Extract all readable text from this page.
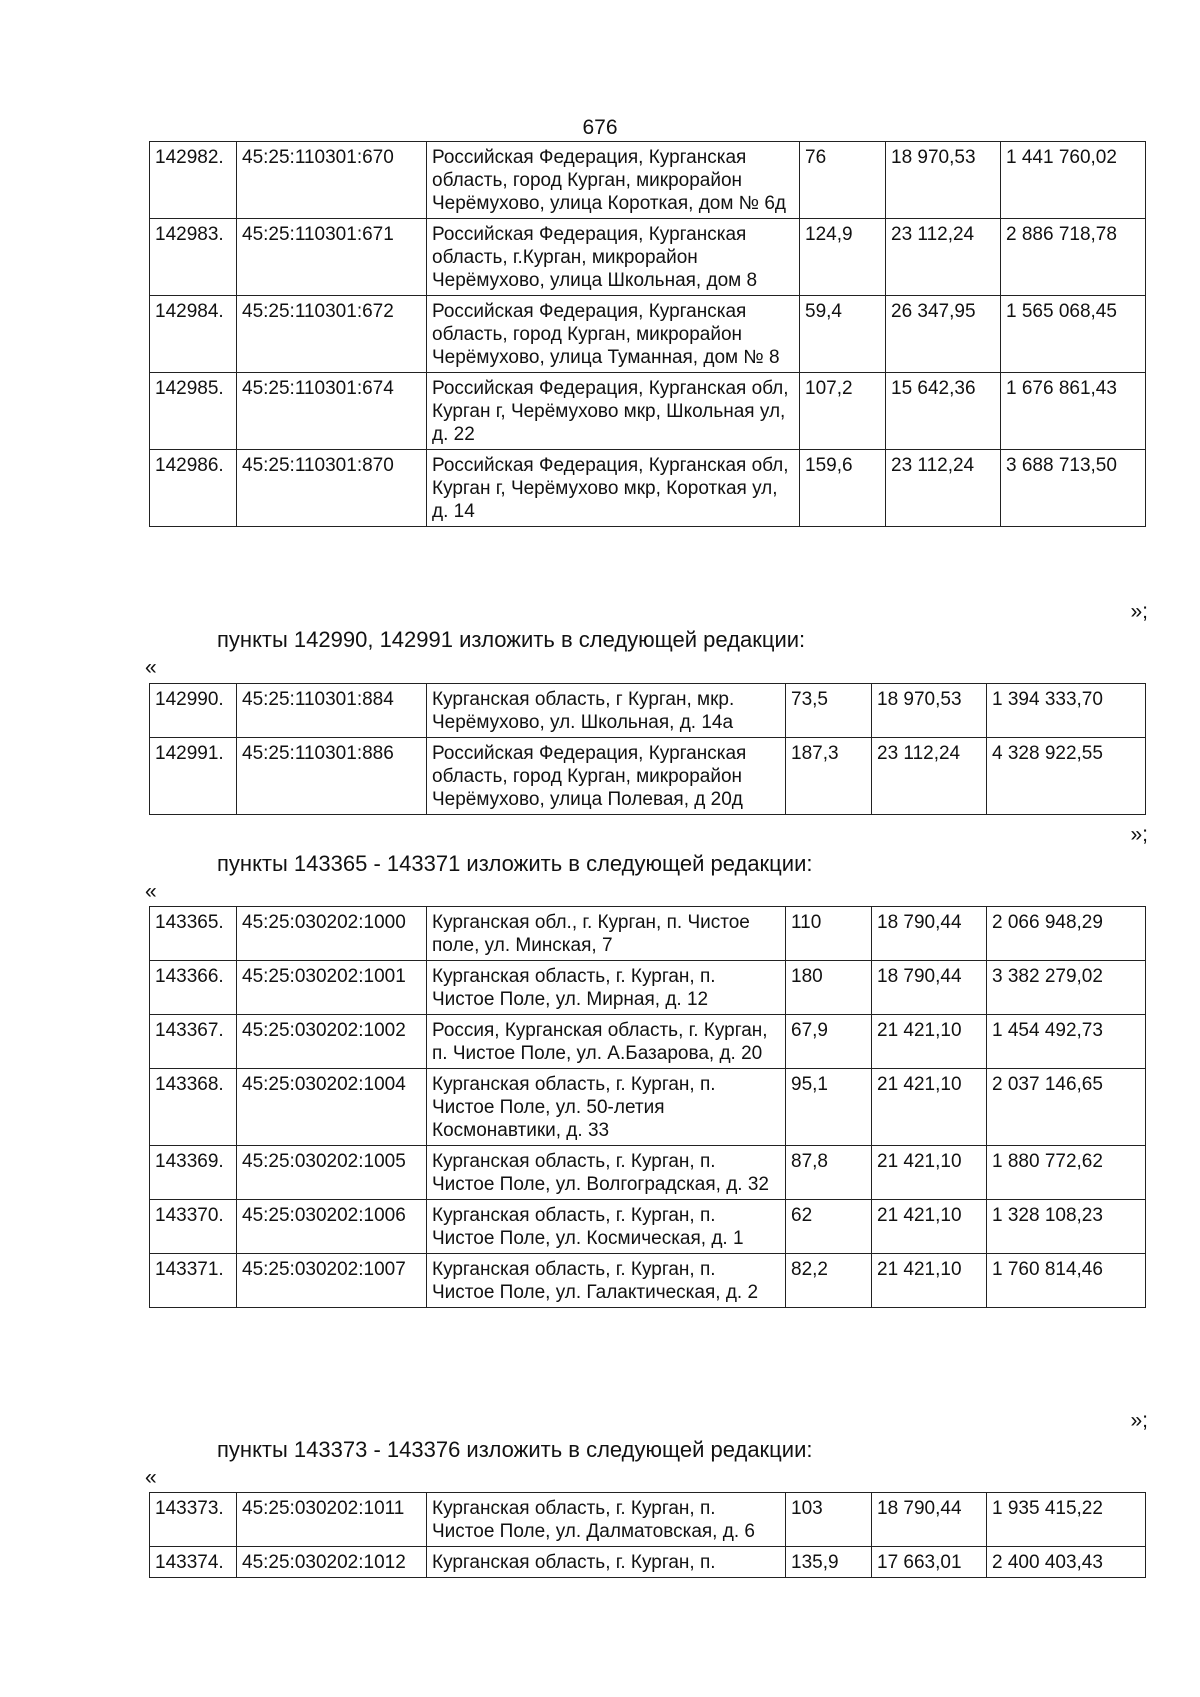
676
142982.	45:25:110301:670	Российская Федерация, Курганская область, город Курган, микрорайон Черёмухово, улица Короткая, дом № 6д	76	18 970,53	1 441 760,02
142983.	45:25:110301:671	Российская Федерация, Курганская область, г.Курган, микрорайон Черёмухово, улица Школьная, дом 8	124,9	23 112,24	2 886 718,78
142984.	45:25:110301:672	Российская Федерация, Курганская область, город Курган, микрорайон Черёмухово, улица Туманная, дом № 8	59,4	26 347,95	1 565 068,45
142985.	45:25:110301:674	Российская Федерация, Курганская обл, Курган г, Черёмухово мкр, Школьная ул, д. 22	107,2	15 642,36	1 676 861,43
142986.	45:25:110301:870	Российская Федерация, Курганская обл, Курган г, Черёмухово мкр, Короткая ул, д. 14	159,6	23 112,24	3 688 713,50
»;
пункты 142990, 142991 изложить в следующей редакции:
«
142990.	45:25:110301:884	Курганская область, г Курган, мкр. Черёмухово, ул. Школьная, д. 14а	73,5	18 970,53	1 394 333,70
142991.	45:25:110301:886	Российская Федерация, Курганская область, город Курган, микрорайон Черёмухово, улица Полевая, д 20д	187,3	23 112,24	4 328 922,55
»;
пункты 143365 - 143371 изложить в следующей редакции:
«
143365.	45:25:030202:1000	Курганская обл., г. Курган, п. Чистое поле, ул. Минская, 7	110	18 790,44	2 066 948,29
143366.	45:25:030202:1001	Курганская область, г. Курган, п. Чистое Поле, ул. Мирная, д. 12	180	18 790,44	3 382 279,02
143367.	45:25:030202:1002	Россия, Курганская область, г. Курган, п. Чистое Поле, ул. А.Базарова, д. 20	67,9	21 421,10	1 454 492,73
143368.	45:25:030202:1004	Курганская область, г. Курган, п. Чистое Поле, ул. 50-летия Космонавтики, д. 33	95,1	21 421,10	2 037 146,65
143369.	45:25:030202:1005	Курганская область, г. Курган, п. Чистое Поле, ул. Волгоградская, д. 32	87,8	21 421,10	1 880 772,62
143370.	45:25:030202:1006	Курганская область, г. Курган, п. Чистое Поле, ул. Космическая, д. 1	62	21 421,10	1 328 108,23
143371.	45:25:030202:1007	Курганская область, г. Курган, п. Чистое Поле, ул. Галактическая, д. 2	82,2	21 421,10	1 760 814,46
»;
пункты 143373 - 143376 изложить в следующей редакции:
«
143373.	45:25:030202:1011	Курганская область, г. Курган, п. Чистое Поле, ул. Далматовская, д. 6	103	18 790,44	1 935 415,22
143374.	45:25:030202:1012	Курганская область, г. Курган, п.	135,9	17 663,01	2 400 403,43
